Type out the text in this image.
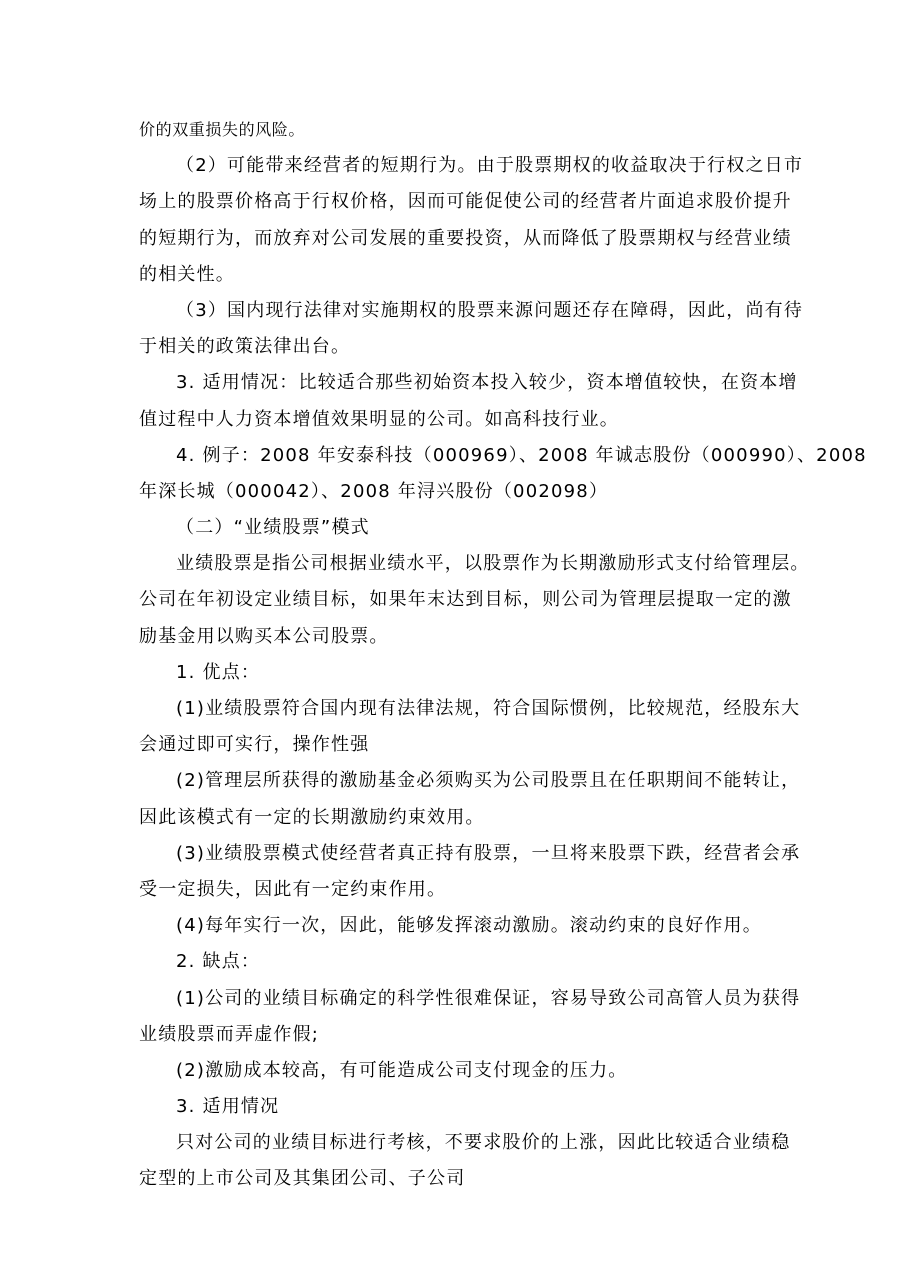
价的双重损失的风险。
（2）可能带来经营者的短期行为。由于股票期权的收益取决于行权之日市
场上的股票价格高于行权价格，因而可能促使公司的经营者片面追求股价提升
的短期行为，而放弃对公司发展的重要投资，从而降低了股票期权与经营业绩
的相关性。
（3）国内现行法律对实施期权的股票来源问题还存在障碍，因此，尚有待
于相关的政策法律出台。
3. 适用情况：比较适合那些初始资本投入较少，资本增值较快，在资本增
值过程中人力资本增值效果明显的公司。如高科技行业。
4. 例子：2008 年安泰科技（000969）、2008 年诚志股份（000990）、2008
年深长城（000042）、2008 年浔兴股份（002098）
（二）“业绩股票”模式
业绩股票是指公司根据业绩水平，以股票作为长期激励形式支付给管理层。
公司在年初设定业绩目标，如果年末达到目标，则公司为管理层提取一定的激
励基金用以购买本公司股票。
1. 优点：
(1)业绩股票符合国内现有法律法规，符合国际惯例，比较规范，经股东大
会通过即可实行，操作性强
(2)管理层所获得的激励基金必须购买为公司股票且在任职期间不能转让，
因此该模式有一定的长期激励约束效用。
(3)业绩股票模式使经营者真正持有股票，一旦将来股票下跌，经营者会承
受一定损失，因此有一定约束作用。
(4)每年实行一次，因此，能够发挥滚动激励。滚动约束的良好作用。
2. 缺点：
(1)公司的业绩目标确定的科学性很难保证，容易导致公司高管人员为获得
业绩股票而弄虚作假;
(2)激励成本较高，有可能造成公司支付现金的压力。
3. 适用情况
只对公司的业绩目标进行考核，不要求股价的上涨，因此比较适合业绩稳
定型的上市公司及其集团公司、子公司
